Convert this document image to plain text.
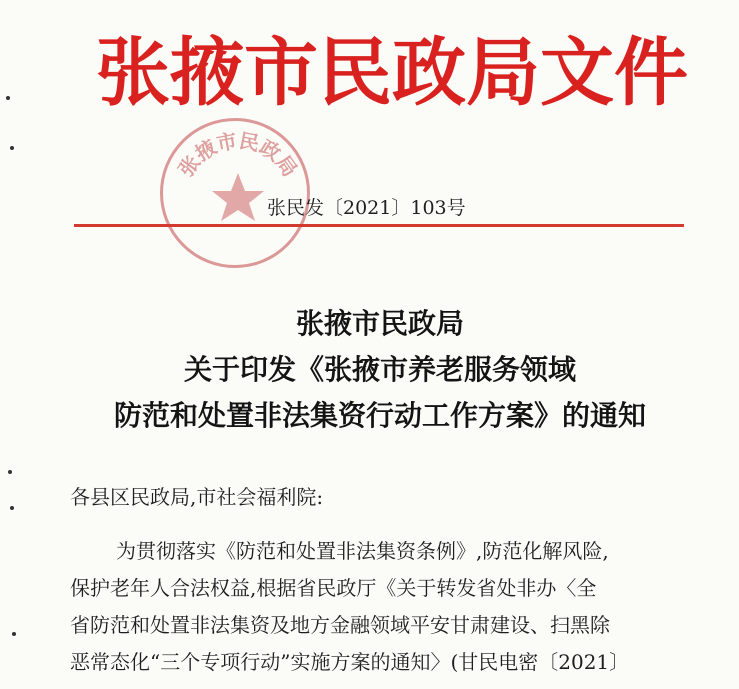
张掖市民政局文件
张掖市民政局
张民发〔2021〕103号
张掖市民政局
关于印发《张掖市养老服务领域
防范和处置非法集资行动工作方案》的通知
各县区民政局,市社会福利院:
为贯彻落实《防范和处置非法集资条例》,防范化解风险,
保护老年人合法权益,根据省民政厅《关于转发省处非办〈全
省防范和处置非法集资及地方金融领域平安甘肃建设、扫黑除
恶常态化“三个专项行动”实施方案的通知〉(甘民电密〔2021〕
